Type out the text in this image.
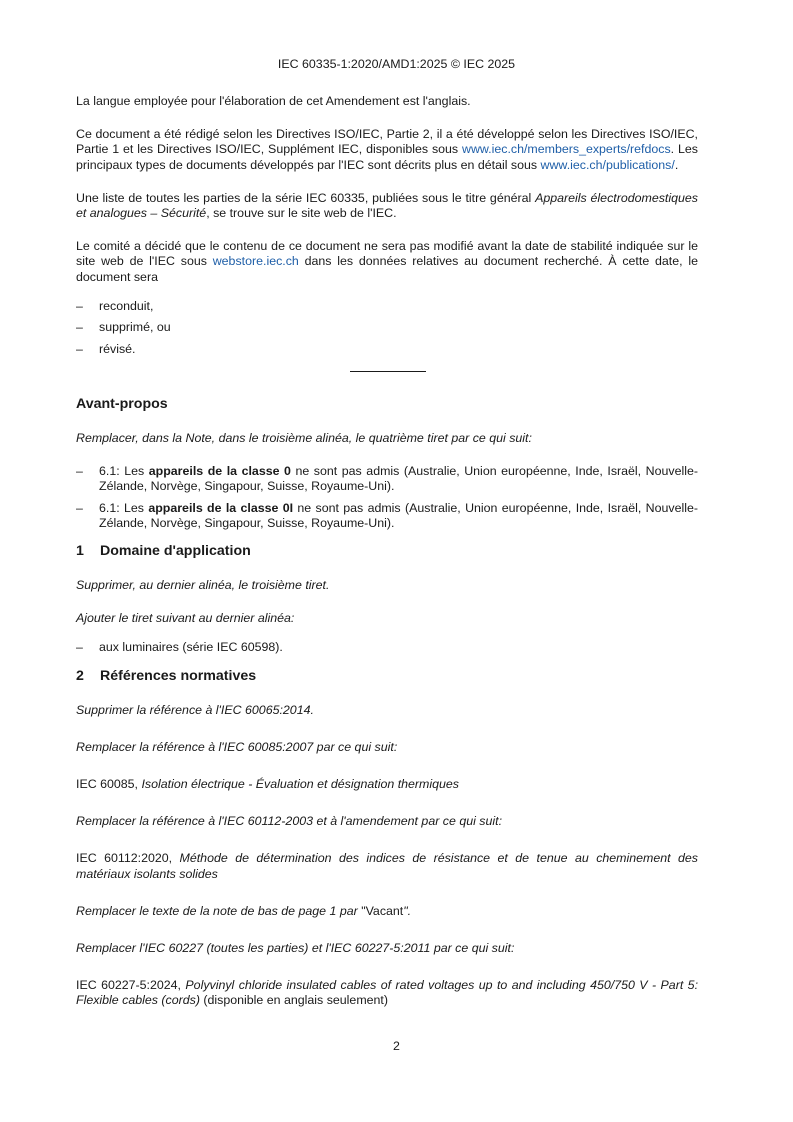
IEC 60335-1:2020/AMD1:2025 © IEC 2025

La langue employée pour l'élaboration de cet Amendement est l'anglais.

Ce document a été rédigé selon les Directives ISO/IEC, Partie 2, il a été développé selon les Directives ISO/IEC, Partie 1 et les Directives ISO/IEC, Supplément IEC, disponibles sous www.iec.ch/members_experts/refdocs. Les principaux types de documents développés par l'IEC sont décrits plus en détail sous www.iec.ch/publications/.

Une liste de toutes les parties de la série IEC 60335, publiées sous le titre général Appareils électrodomestiques et analogues – Sécurité, se trouve sur le site web de l'IEC.

Le comité a décidé que le contenu de ce document ne sera pas modifié avant la date de stabilité indiquée sur le site web de l'IEC sous webstore.iec.ch dans les données relatives au document recherché. À cette date, le document sera

– reconduit,
– supprimé, ou
– révisé.
Avant-propos

Remplacer, dans la Note, dans le troisième alinéa, le quatrième tiret par ce qui suit:

– 6.1: Les appareils de la classe 0 ne sont pas admis (Australie, Union européenne, Inde, Israël, Nouvelle-Zélande, Norvège, Singapour, Suisse, Royaume-Uni).
– 6.1: Les appareils de la classe 0I ne sont pas admis (Australie, Union européenne, Inde, Israël, Nouvelle-Zélande, Norvège, Singapour, Suisse, Royaume-Uni).
1 Domaine d'application

Supprimer, au dernier alinéa, le troisième tiret.

Ajouter le tiret suivant au dernier alinéa:

– aux luminaires (série IEC 60598).
2 Références normatives

Supprimer la référence à l'IEC 60065:2014.

Remplacer la référence à l'IEC 60085:2007 par ce qui suit:

IEC 60085, Isolation électrique - Évaluation et désignation thermiques

Remplacer la référence à l'IEC 60112-2003 et à l'amendement par ce qui suit:

IEC 60112:2020, Méthode de détermination des indices de résistance et de tenue au cheminement des matériaux isolants solides

Remplacer le texte de la note de bas de page 1 par "Vacant".

Remplacer l'IEC 60227 (toutes les parties) et l'IEC 60227-5:2011 par ce qui suit:

IEC 60227-5:2024, Polyvinyl chloride insulated cables of rated voltages up to and including 450/750 V - Part 5: Flexible cables (cords) (disponible en anglais seulement)

2
